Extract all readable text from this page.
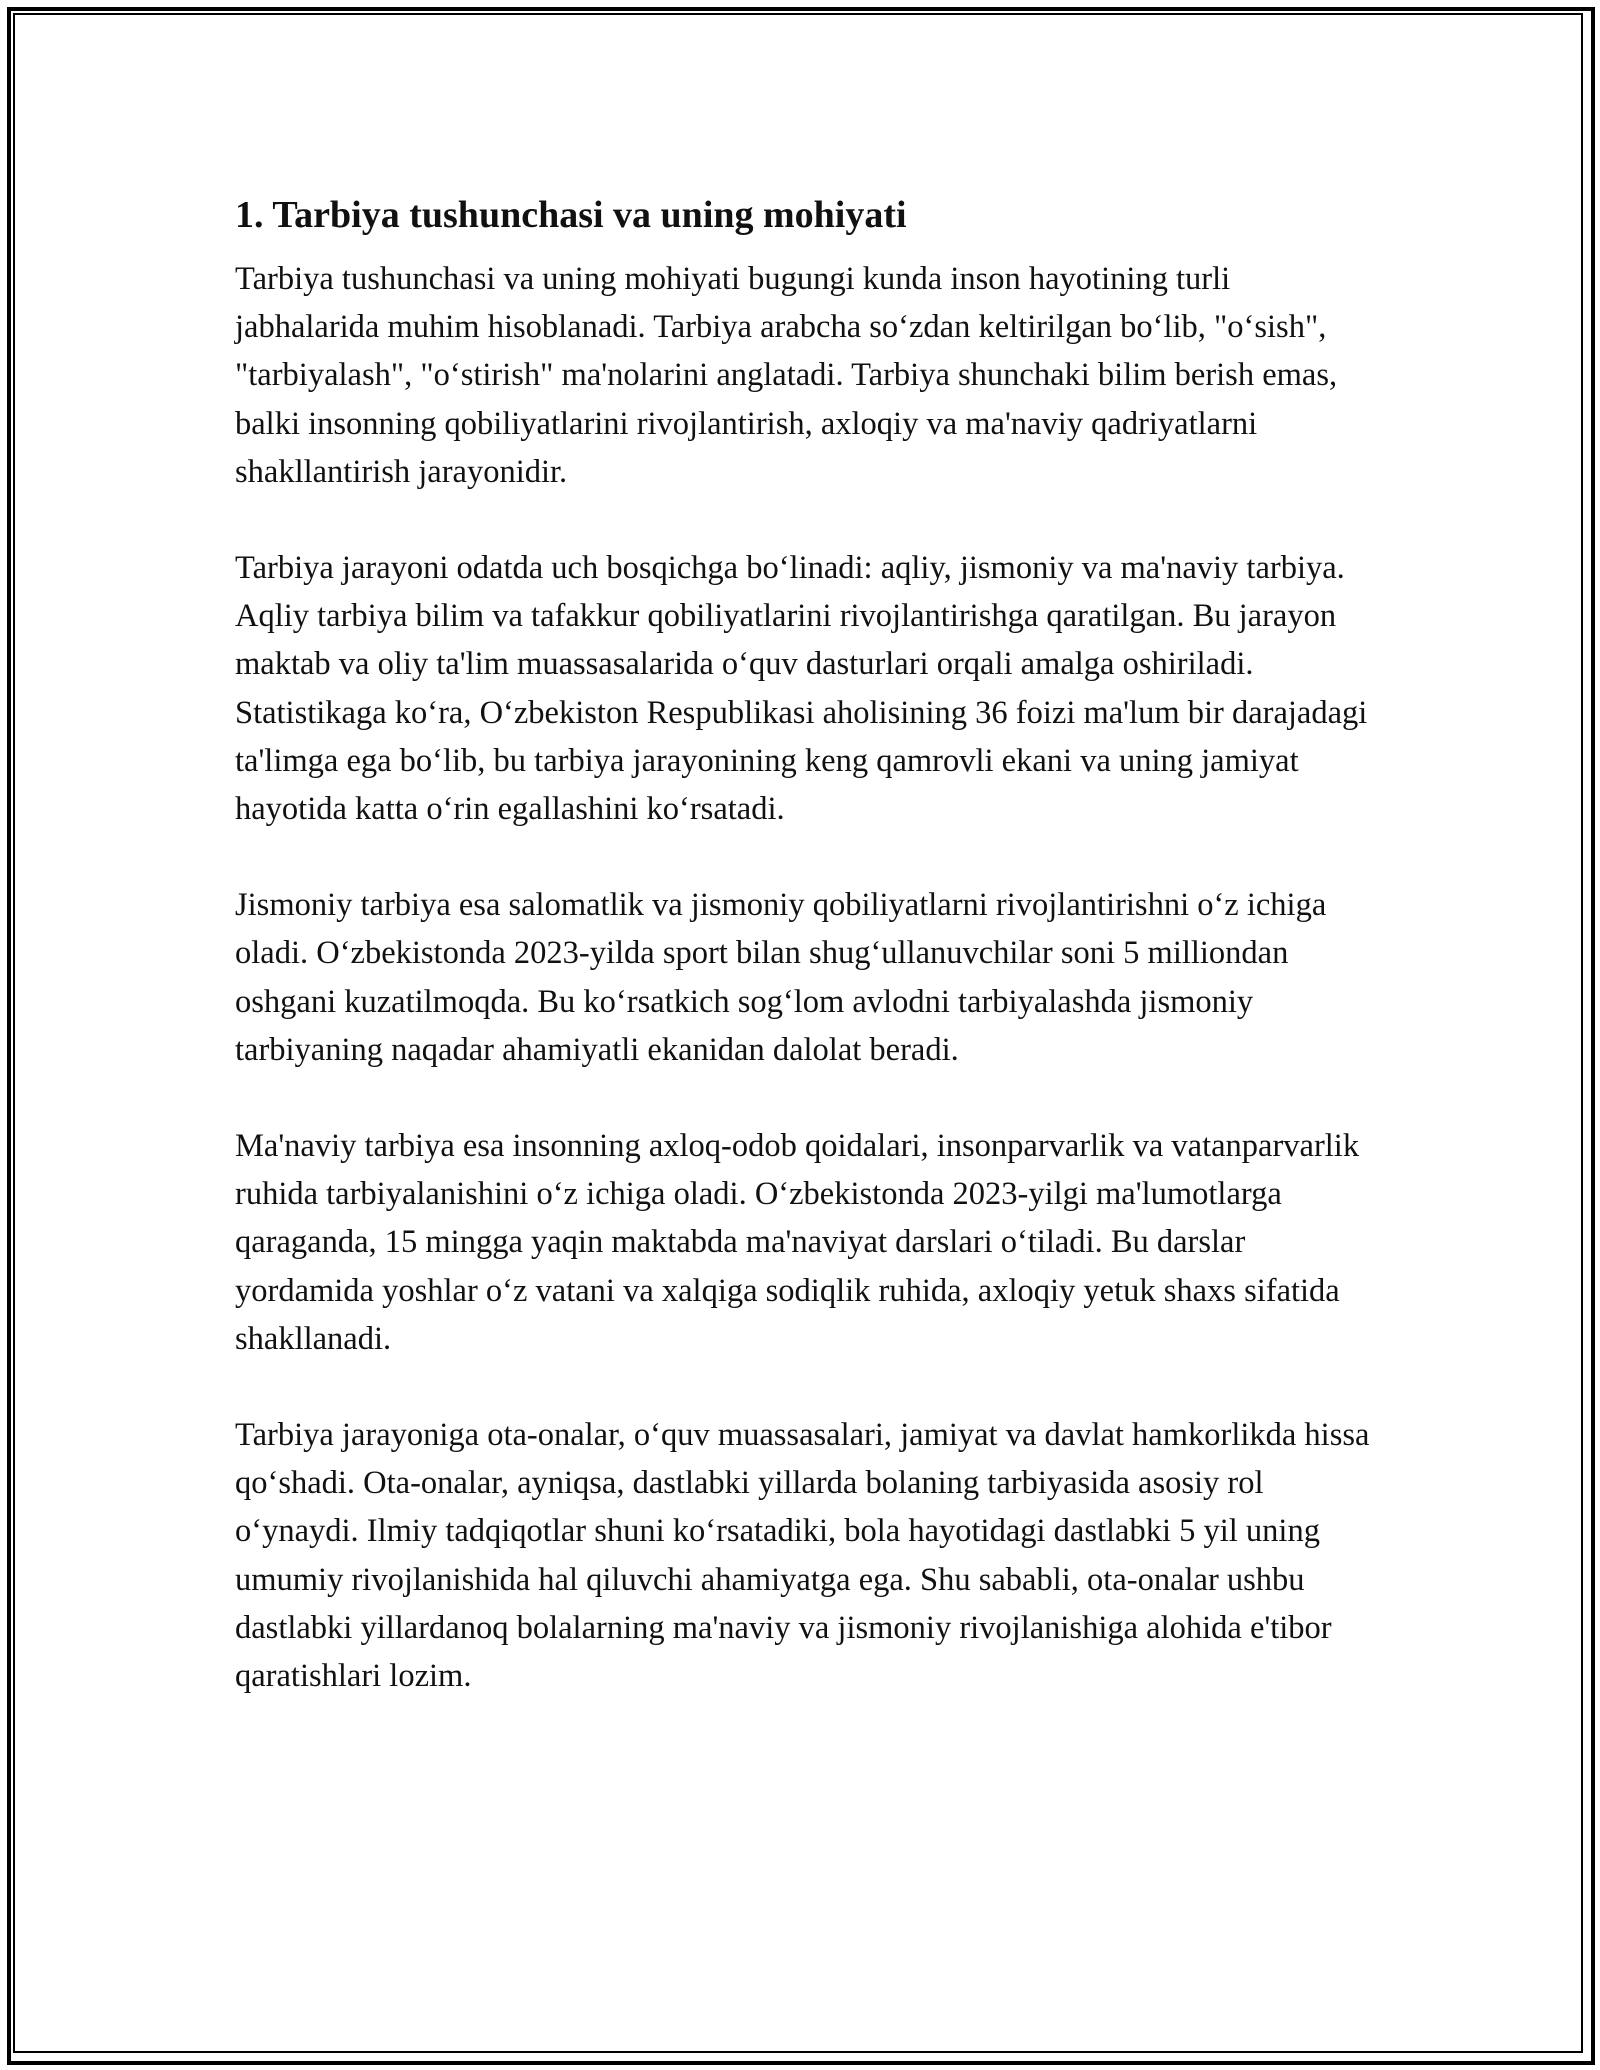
1. Tarbiya tushunchasi va uning mohiyati

Tarbiya tushunchasi va uning mohiyati bugungi kunda inson hayotining turli jabhalarida muhim hisoblanadi. Tarbiya arabcha so‘zdan keltirilgan bo‘lib, "o‘sish", "tarbiyalash", "o‘stirish" ma'nolarini anglatadi. Tarbiya shunchaki bilim berish emas, balki insonning qobiliyatlarini rivojlantirish, axloqiy va ma'naviy qadriyatlarni shakllantirish jarayonidir.

Tarbiya jarayoni odatda uch bosqichga bo‘linadi: aqliy, jismoniy va ma'naviy tarbiya. Aqliy tarbiya bilim va tafakkur qobiliyatlarini rivojlantirishga qaratilgan. Bu jarayon maktab va oliy ta'lim muassasalarida o‘quv dasturlari orqali amalga oshiriladi. Statistikaga ko‘ra, O‘zbekiston Respublikasi aholisining 36 foizi ma'lum bir darajadagi ta'limga ega bo‘lib, bu tarbiya jarayonining keng qamrovli ekani va uning jamiyat hayotida katta o‘rin egallashini ko‘rsatadi.

Jismoniy tarbiya esa salomatlik va jismoniy qobiliyatlarni rivojlantirishni o‘z ichiga oladi. O‘zbekistonda 2023-yilda sport bilan shug‘ullanuvchilar soni 5 milliondan oshgani kuzatilmoqda. Bu ko‘rsatkich sog‘lom avlodni tarbiyalashda jismoniy tarbiyaning naqadar ahamiyatli ekanidan dalolat beradi.

Ma'naviy tarbiya esa insonning axloq-odob qoidalari, insonparvarlik va vatanparvarlik ruhida tarbiyalanishini o‘z ichiga oladi. O‘zbekistonda 2023-yilgi ma'lumotlarga qaraganda, 15 mingga yaqin maktabda ma'naviyat darslari o‘tiladi. Bu darslar yordamida yoshlar o‘z vatani va xalqiga sodiqlik ruhida, axloqiy yetuk shaxs sifatida shakllanadi.

Tarbiya jarayoniga ota-onalar, o‘quv muassasalari, jamiyat va davlat hamkorlikda hissa qo‘shadi. Ota-onalar, ayniqsa, dastlabki yillarda bolaning tarbiyasida asosiy rol o‘ynaydi. Ilmiy tadqiqotlar shuni ko‘rsatadiki, bola hayotidagi dastlabki 5 yil uning umumiy rivojlanishida hal qiluvchi ahamiyatga ega. Shu sababli, ota-onalar ushbu dastlabki yillardanoq bolalarning ma'naviy va jismoniy rivojlanishiga alohida e'tibor qaratishlari lozim.
